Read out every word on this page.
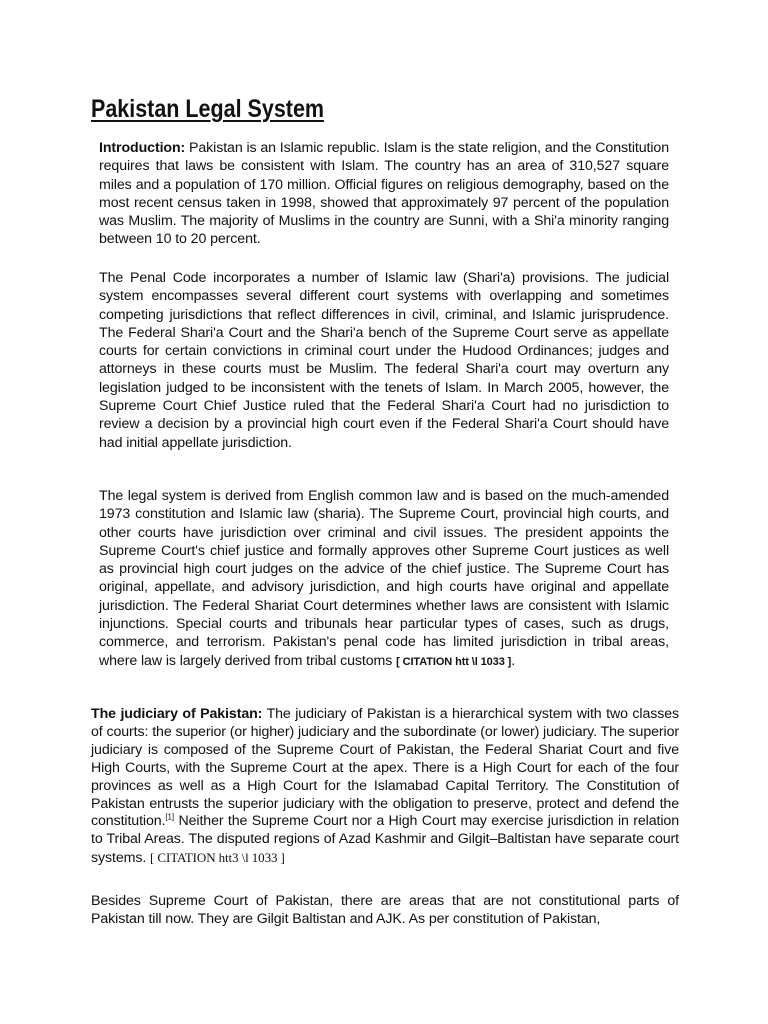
Pakistan Legal System

Introduction: Pakistan is an Islamic republic. Islam is the state religion, and the Constitution requires that laws be consistent with Islam. The country has an area of 310,527 square miles and a population of 170 million. Official figures on religious demography, based on the most recent census taken in 1998, showed that approximately 97 percent of the population was Muslim. The majority of Muslims in the country are Sunni, with a Shi'a minority ranging between 10 to 20 percent.

The Penal Code incorporates a number of Islamic law (Shari'a) provisions. The judicial system encompasses several different court systems with overlapping and sometimes competing jurisdictions that reflect differences in civil, criminal, and Islamic jurisprudence. The Federal Shari'a Court and the Shari'a bench of the Supreme Court serve as appellate courts for certain convictions in criminal court under the Hudood Ordinances; judges and attorneys in these courts must be Muslim. The federal Shari'a court may overturn any legislation judged to be inconsistent with the tenets of Islam. In March 2005, however, the Supreme Court Chief Justice ruled that the Federal Shari'a Court had no jurisdiction to review a decision by a provincial high court even if the Federal Shari'a Court should have had initial appellate jurisdiction.

The legal system is derived from English common law and is based on the much-amended 1973 constitution and Islamic law (sharia). The Supreme Court, provincial high courts, and other courts have jurisdiction over criminal and civil issues. The president appoints the Supreme Court's chief justice and formally approves other Supreme Court justices as well as provincial high court judges on the advice of the chief justice. The Supreme Court has original, appellate, and advisory jurisdiction, and high courts have original and appellate jurisdiction. The Federal Shariat Court determines whether laws are consistent with Islamic injunctions. Special courts and tribunals hear particular types of cases, such as drugs, commerce, and terrorism. Pakistan's penal code has limited jurisdiction in tribal areas, where law is largely derived from tribal customs [ CITATION htt \l 1033 ].

The judiciary of Pakistan: The judiciary of Pakistan is a hierarchical system with two classes of courts: the superior (or higher) judiciary and the subordinate (or lower) judiciary. The superior judiciary is composed of the Supreme Court of Pakistan, the Federal Shariat Court and five High Courts, with the Supreme Court at the apex. There is a High Court for each of the four provinces as well as a High Court for the Islamabad Capital Territory. The Constitution of Pakistan entrusts the superior judiciary with the obligation to preserve, protect and defend the constitution.[1] Neither the Supreme Court nor a High Court may exercise jurisdiction in relation to Tribal Areas. The disputed regions of Azad Kashmir and Gilgit–Baltistan have separate court systems. [ CITATION htt3 \l 1033 ]

Besides Supreme Court of Pakistan, there are areas that are not constitutional parts of Pakistan till now. They are Gilgit Baltistan and AJK. As per constitution of Pakistan,
